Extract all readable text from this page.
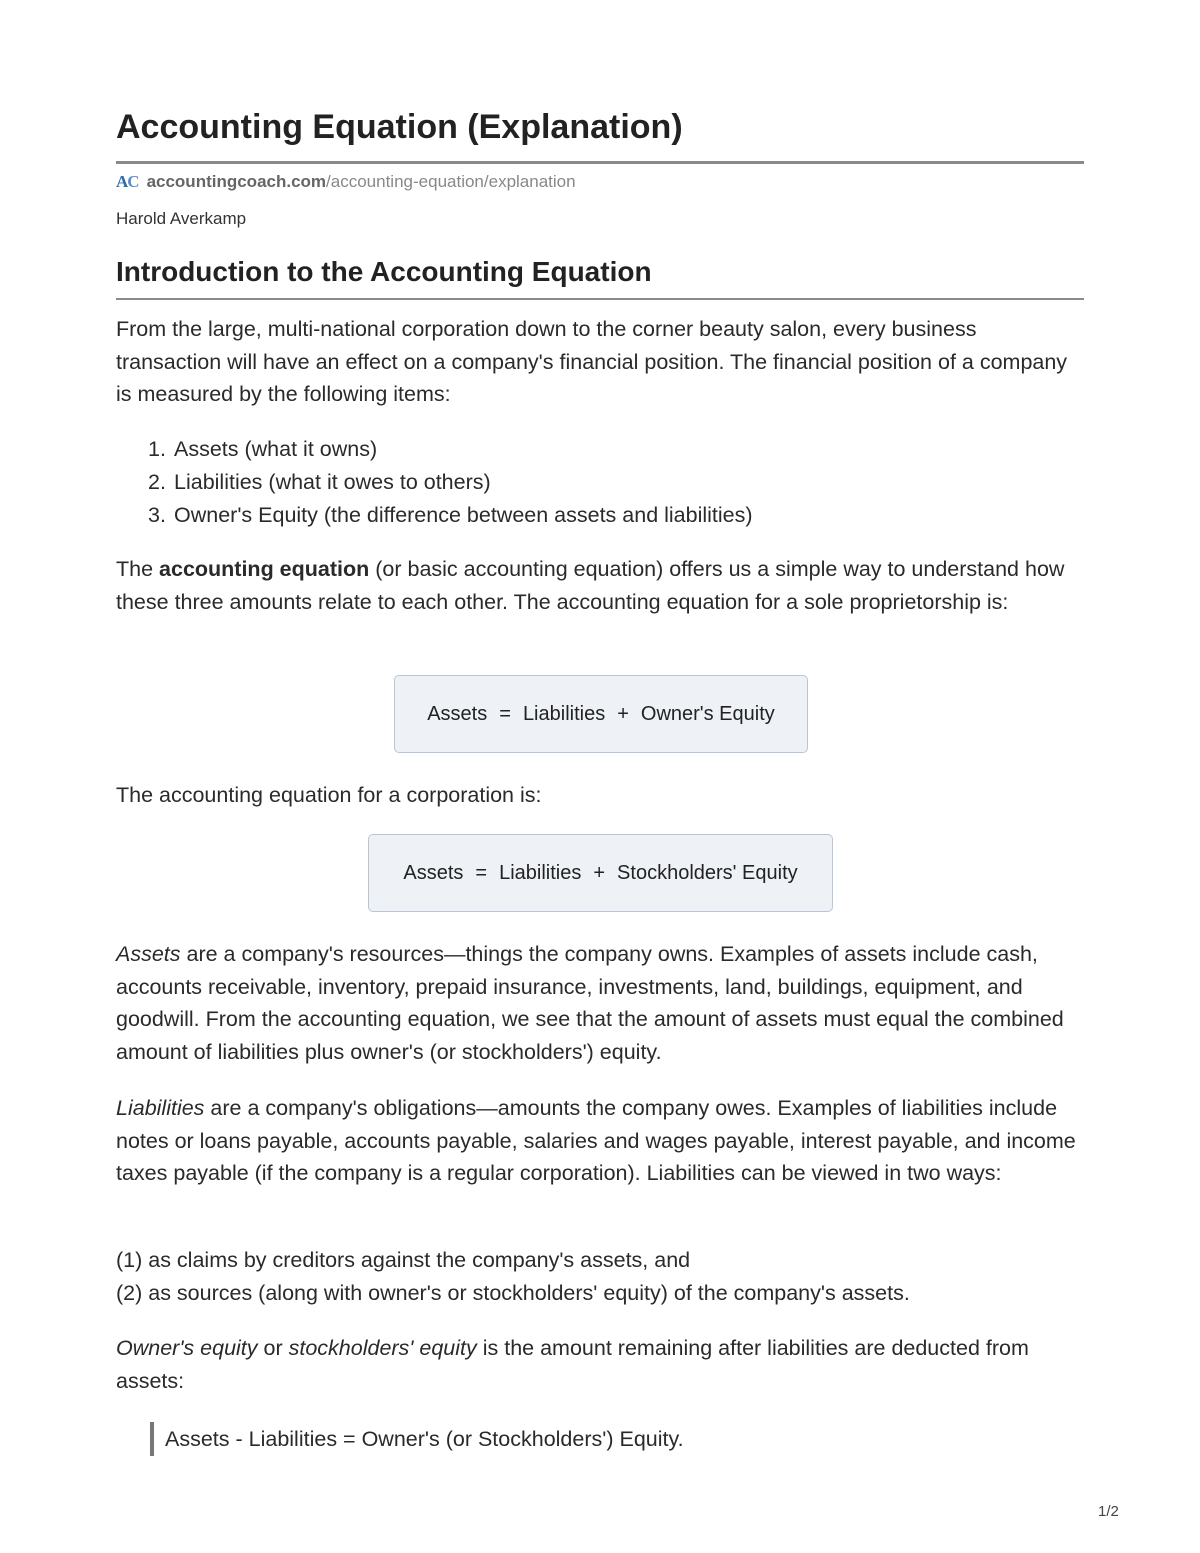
Accounting Equation (Explanation)
AC accountingcoach.com/accounting-equation/explanation
Harold Averkamp
Introduction to the Accounting Equation

From the large, multi-national corporation down to the corner beauty salon, every business transaction will have an effect on a company's financial position. The financial position of a company is measured by the following items:

1. Assets (what it owns)
2. Liabilities (what it owes to others)
3. Owner's Equity (the difference between assets and liabilities)

The accounting equation (or basic accounting equation) offers us a simple way to understand how these three amounts relate to each other. The accounting equation for a sole proprietorship is:

Assets = Liabilities + Owner's Equity

The accounting equation for a corporation is:

Assets = Liabilities + Stockholders' Equity

Assets are a company's resources—things the company owns. Examples of assets include cash, accounts receivable, inventory, prepaid insurance, investments, land, buildings, equipment, and goodwill. From the accounting equation, we see that the amount of assets must equal the combined amount of liabilities plus owner's (or stockholders') equity.

Liabilities are a company's obligations—amounts the company owes. Examples of liabilities include notes or loans payable, accounts payable, salaries and wages payable, interest payable, and income taxes payable (if the company is a regular corporation). Liabilities can be viewed in two ways:

(1) as claims by creditors against the company's assets, and
(2) as sources (along with owner's or stockholders' equity) of the company's assets.

Owner's equity or stockholders' equity is the amount remaining after liabilities are deducted from assets:

Assets - Liabilities = Owner's (or Stockholders') Equity.
1/2
